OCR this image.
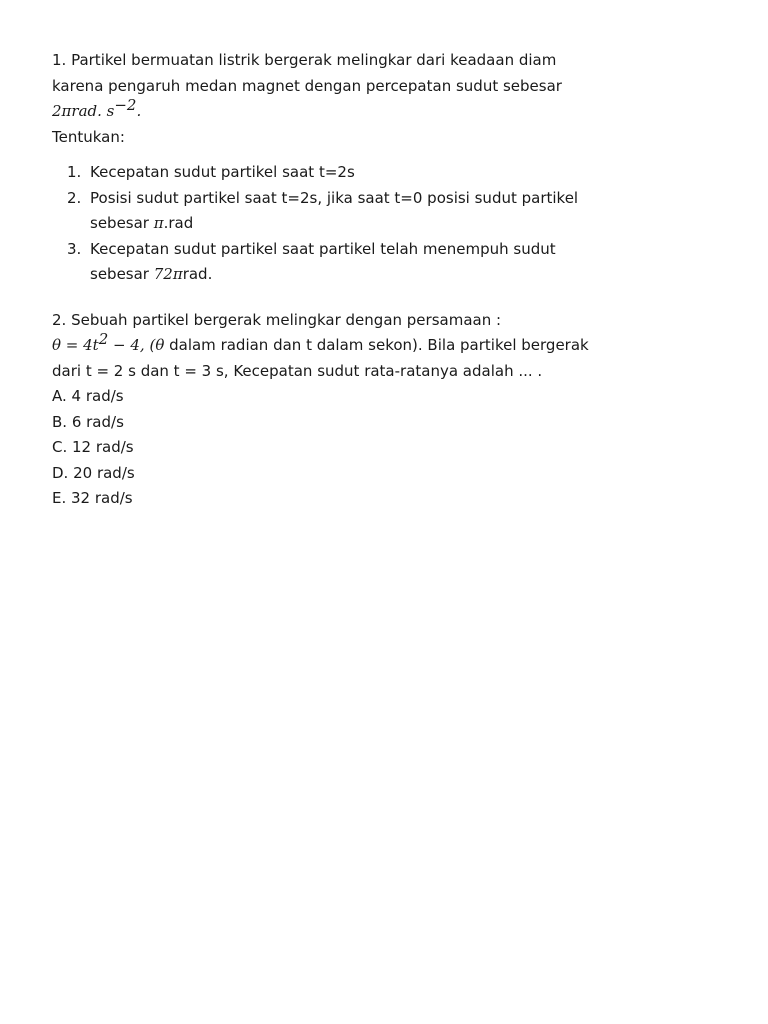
1. Partikel bermuatan listrik bergerak melingkar dari keadaan diam
karena pengaruh medan magnet dengan percepatan sudut sebesar
2πrad. $s^{-2}$.
Tentukan:
1. Kecepatan sudut partikel saat t=2s
2. Posisi sudut partikel saat t=2s, jika saat t=0 posisi sudut partikel
sebesar π.rad
3. Kecepatan sudut partikel saat partikel telah menempuh sudut
sebesar 72πrad.
2. Sebuah partikel bergerak melingkar dengan persamaan :
$\theta = 4t^2 - 4$, (θ dalam radian dan t dalam sekon). Bila partikel bergerak
dari t = 2 s dan t = 3 s, Kecepatan sudut rata-ratanya adalah ... .
A. 4 rad/s
B. 6 rad/s
C. 12 rad/s
D. 20 rad/s
E. 32 rad/s
